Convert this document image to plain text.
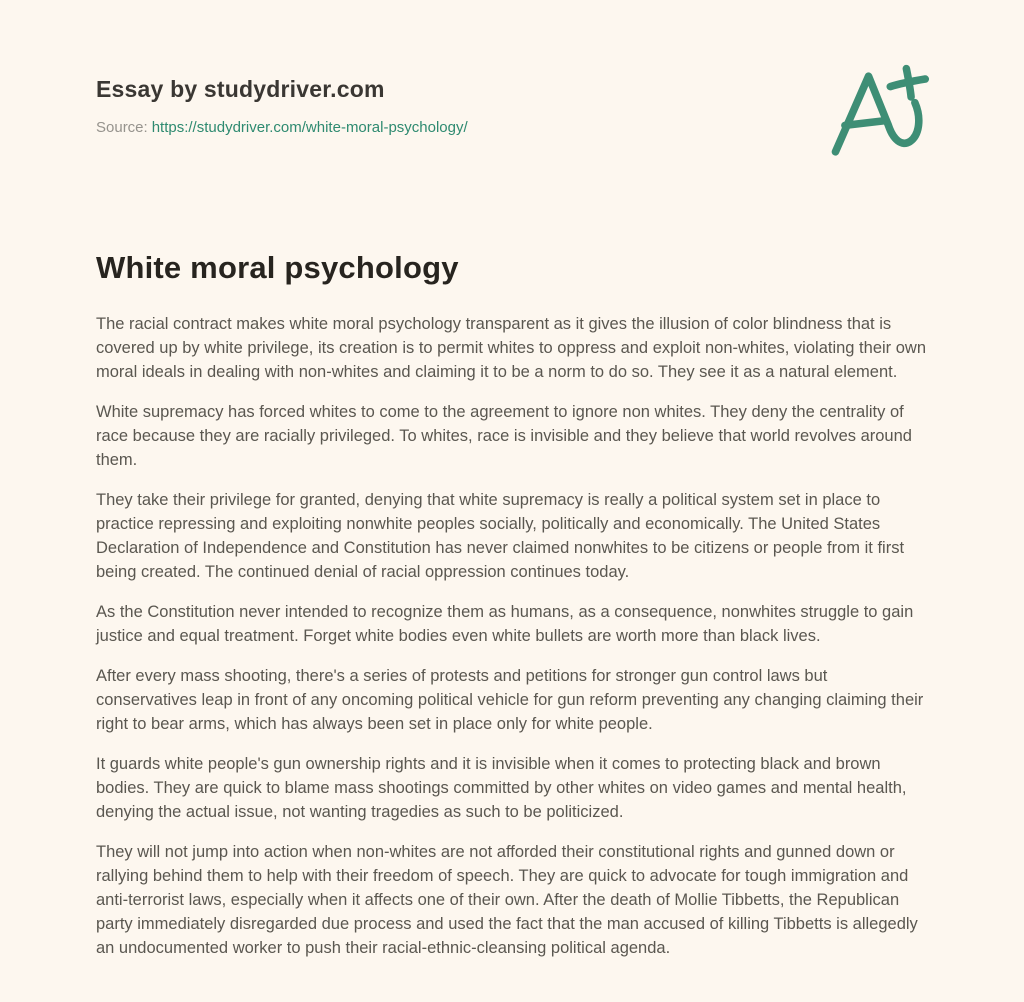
Essay by studydriver.com
Source: https://studydriver.com/white-moral-psychology/
White moral psychology

The racial contract makes white moral psychology transparent as it gives the illusion of color blindness that is covered up by white privilege, its creation is to permit whites to oppress and exploit non-whites, violating their own moral ideals in dealing with non-whites and claiming it to be a norm to do so. They see it as a natural element.

White supremacy has forced whites to come to the agreement to ignore non whites. They deny the centrality of race because they are racially privileged. To whites, race is invisible and they believe that world revolves around them.

They take their privilege for granted, denying that white supremacy is really a political system set in place to practice repressing and exploiting nonwhite peoples socially, politically and economically. The United States Declaration of Independence and Constitution has never claimed nonwhites to be citizens or people from it first being created. The continued denial of racial oppression continues today.

As the Constitution never intended to recognize them as humans, as a consequence, nonwhites struggle to gain justice and equal treatment. Forget white bodies even white bullets are worth more than black lives.

After every mass shooting, there's a series of protests and petitions for stronger gun control laws but conservatives leap in front of any oncoming political vehicle for gun reform preventing any changing claiming their right to bear arms, which has always been set in place only for white people.

It guards white people's gun ownership rights and it is invisible when it comes to protecting black and brown bodies. They are quick to blame mass shootings committed by other whites on video games and mental health, denying the actual issue, not wanting tragedies as such to be politicized.

They will not jump into action when non-whites are not afforded their constitutional rights and gunned down or rallying behind them to help with their freedom of speech. They are quick to advocate for tough immigration and anti-terrorist laws, especially when it affects one of their own. After the death of Mollie Tibbetts, the Republican party immediately disregarded due process and used the fact that the man accused of killing Tibbetts is allegedly an undocumented worker to push their racial-ethnic-cleansing political agenda.
